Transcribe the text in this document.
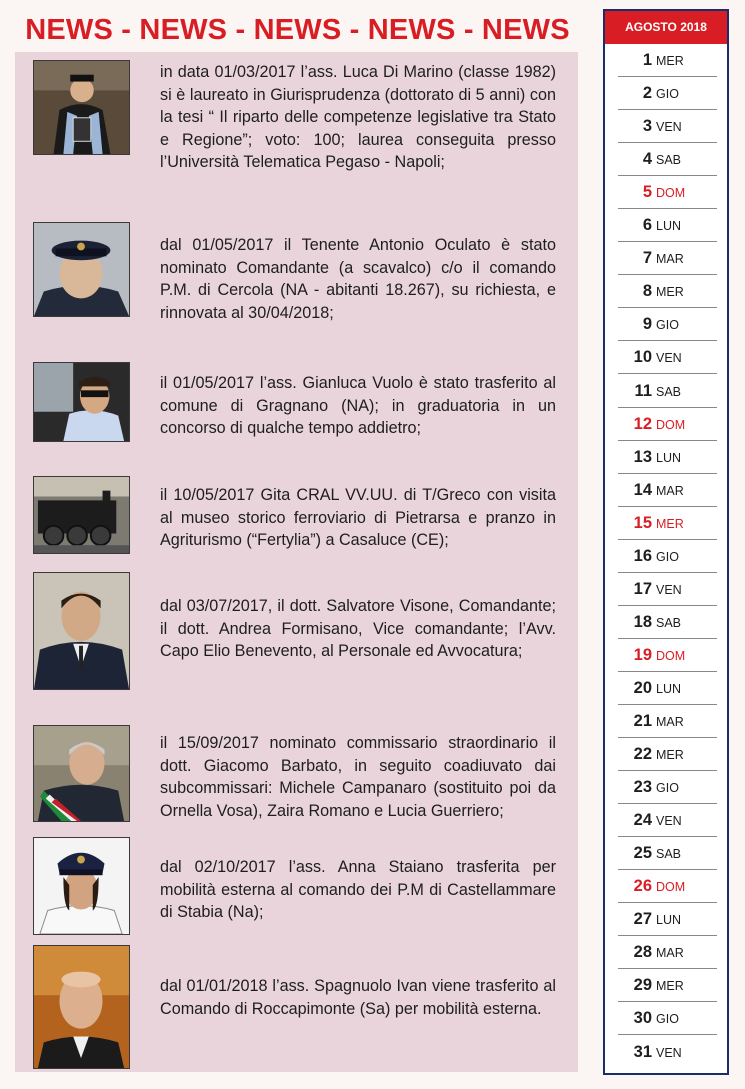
NEWS - NEWS - NEWS - NEWS - NEWS
in data 01/03/2017 l’ass. Luca Di Marino (classe 1982) si è laureato in Giurisprudenza (dottorato di 5 anni) con la tesi “ Il riparto delle competenze legislative tra Stato e Regione”; voto: 100; laurea conseguita presso l’Università Telematica Pegaso - Napoli;
dal 01/05/2017 il Tenente Antonio Oculato è stato nominato Comandante (a scavalco) c/o il comando P.M. di Cercola (NA - abitanti 18.267), su richiesta, e rinnovata al 30/04/2018;
il 01/05/2017 l’ass. Gianluca Vuolo è stato trasferito al comune di Gragnano (NA); in graduatoria in un concorso di qualche tempo addietro;
il 10/05/2017 Gita CRAL VV.UU. di T/Greco con visita al museo storico ferroviario di Pietrarsa e pranzo in Agriturismo (“Fertylia”) a Casaluce (CE);
dal 03/07/2017, il dott. Salvatore Visone, Comandante; il dott. Andrea Formisano, Vice comandante; l’Avv. Capo Elio Benevento, al Personale ed Avvocatura;
il 15/09/2017 nominato commissario straordinario il dott. Giacomo Barbato, in seguito coadiuvato dai subcommissari: Michele Campanaro (sostituito poi da Ornella Vosa), Zaira Romano e Lucia Guerriero;
dal 02/10/2017 l’ass. Anna Staiano trasferita per mobilità esterna al comando dei P.M di Castellammare di Stabia (Na);
dal 01/01/2018 l’ass. Spagnuolo Ivan viene trasferito al Comando di Roccapimonte (Sa) per mobilità esterna.
AGOSTO 2018
1 MER
2 GIO
3 VEN
4 SAB
5 DOM
6 LUN
7 MAR
8 MER
9 GIO
10 VEN
11 SAB
12 DOM
13 LUN
14 MAR
15 MER
16 GIO
17 VEN
18 SAB
19 DOM
20 LUN
21 MAR
22 MER
23 GIO
24 VEN
25 SAB
26 DOM
27 LUN
28 MAR
29 MER
30 GIO
31 VEN
